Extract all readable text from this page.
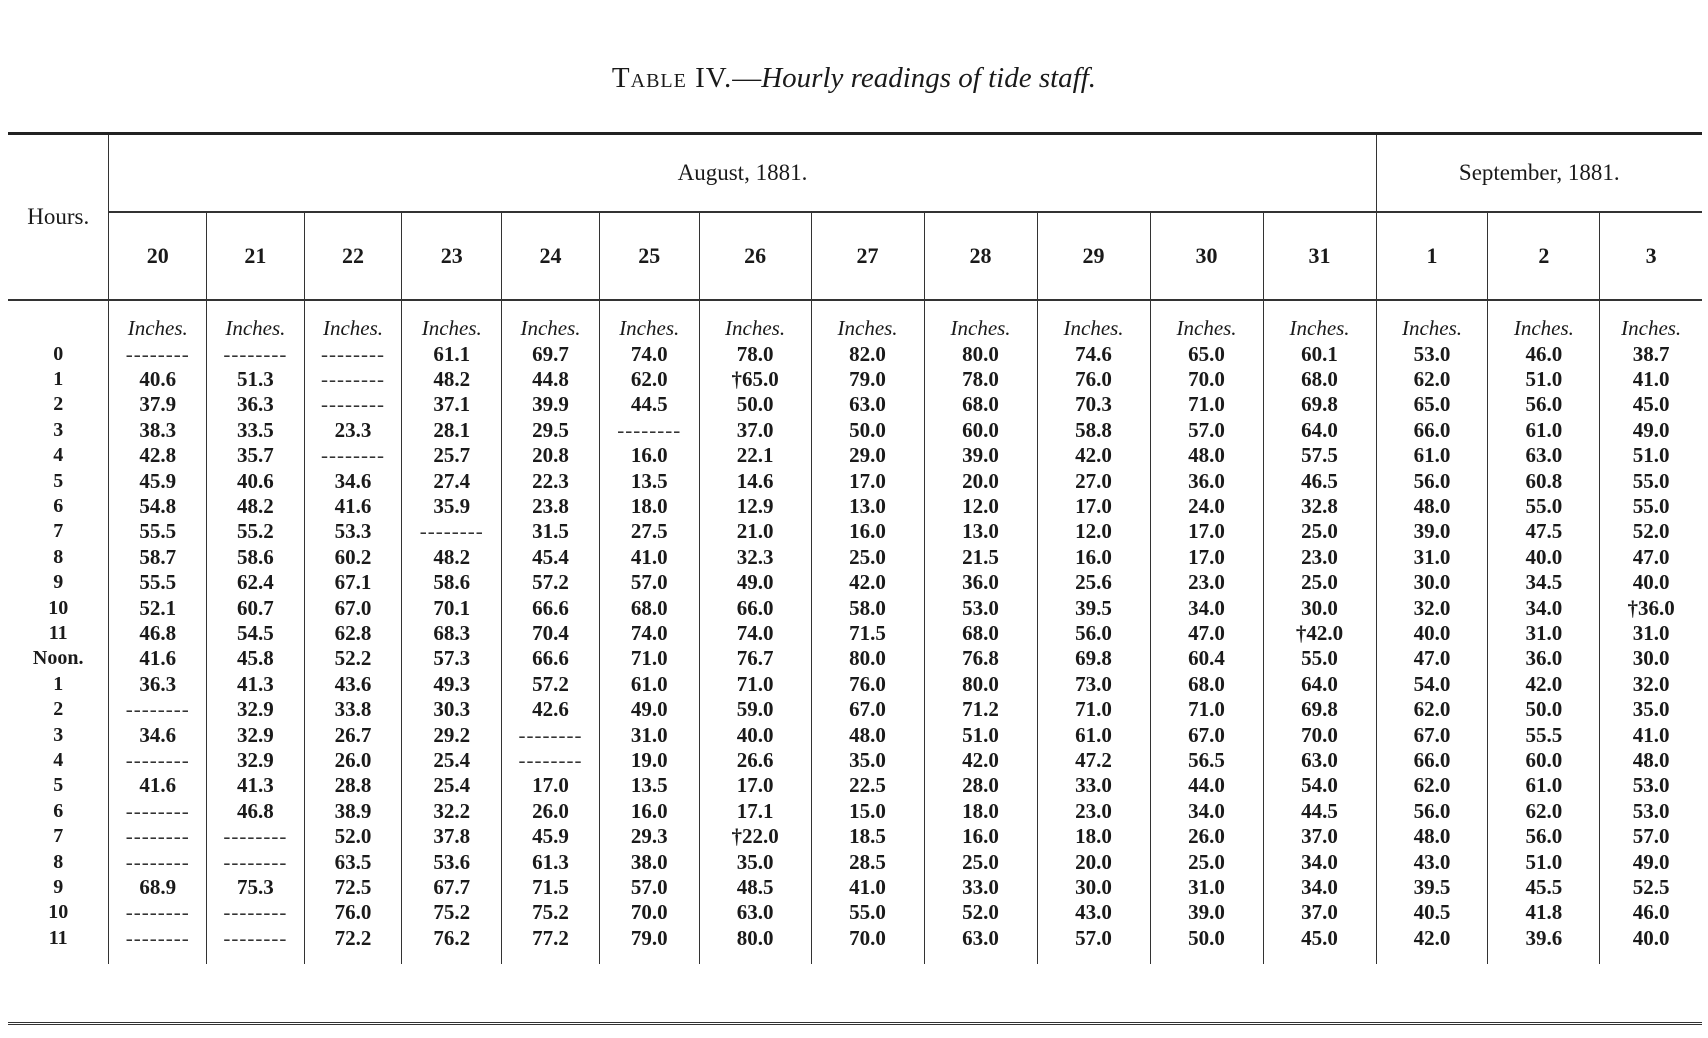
Table IV.—Hourly readings of tide staff.
Hours.	August, 1881.												September, 1881.		
	20	21	22	23	24	25	26	27	28	29	30	31	1	2	3
	Inches.	Inches.	Inches.	Inches.	Inches.	Inches.	Inches.	Inches.	Inches.	Inches.	Inches.	Inches.	Inches.	Inches.	Inches.
0	--------	--------	--------	61.1	69.7	74.0	78.0	82.0	80.0	74.6	65.0	60.1	53.0	46.0	38.7
1	40.6	51.3	--------	48.2	44.8	62.0	†65.0	79.0	78.0	76.0	70.0	68.0	62.0	51.0	41.0
2	37.9	36.3	--------	37.1	39.9	44.5	50.0	63.0	68.0	70.3	71.0	69.8	65.0	56.0	45.0
3	38.3	33.5	23.3	28.1	29.5	--------	37.0	50.0	60.0	58.8	57.0	64.0	66.0	61.0	49.0
4	42.8	35.7	--------	25.7	20.8	16.0	22.1	29.0	39.0	42.0	48.0	57.5	61.0	63.0	51.0
5	45.9	40.6	34.6	27.4	22.3	13.5	14.6	17.0	20.0	27.0	36.0	46.5	56.0	60.8	55.0
6	54.8	48.2	41.6	35.9	23.8	18.0	12.9	13.0	12.0	17.0	24.0	32.8	48.0	55.0	55.0
7	55.5	55.2	53.3	--------	31.5	27.5	21.0	16.0	13.0	12.0	17.0	25.0	39.0	47.5	52.0
8	58.7	58.6	60.2	48.2	45.4	41.0	32.3	25.0	21.5	16.0	17.0	23.0	31.0	40.0	47.0
9	55.5	62.4	67.1	58.6	57.2	57.0	49.0	42.0	36.0	25.6	23.0	25.0	30.0	34.5	40.0
10	52.1	60.7	67.0	70.1	66.6	68.0	66.0	58.0	53.0	39.5	34.0	30.0	32.0	34.0	†36.0
11	46.8	54.5	62.8	68.3	70.4	74.0	74.0	71.5	68.0	56.0	47.0	†42.0	40.0	31.0	31.0
Noon.	41.6	45.8	52.2	57.3	66.6	71.0	76.7	80.0	76.8	69.8	60.4	55.0	47.0	36.0	30.0
1	36.3	41.3	43.6	49.3	57.2	61.0	71.0	76.0	80.0	73.0	68.0	64.0	54.0	42.0	32.0
2	--------	32.9	33.8	30.3	42.6	49.0	59.0	67.0	71.2	71.0	71.0	69.8	62.0	50.0	35.0
3	34.6	32.9	26.7	29.2	--------	31.0	40.0	48.0	51.0	61.0	67.0	70.0	67.0	55.5	41.0
4	--------	32.9	26.0	25.4	--------	19.0	26.6	35.0	42.0	47.2	56.5	63.0	66.0	60.0	48.0
5	41.6	41.3	28.8	25.4	17.0	13.5	17.0	22.5	28.0	33.0	44.0	54.0	62.0	61.0	53.0
6	--------	46.8	38.9	32.2	26.0	16.0	17.1	15.0	18.0	23.0	34.0	44.5	56.0	62.0	53.0
7	--------	--------	52.0	37.8	45.9	29.3	†22.0	18.5	16.0	18.0	26.0	37.0	48.0	56.0	57.0
8	--------	--------	63.5	53.6	61.3	38.0	35.0	28.5	25.0	20.0	25.0	34.0	43.0	51.0	49.0
9	68.9	75.3	72.5	67.7	71.5	57.0	48.5	41.0	33.0	30.0	31.0	34.0	39.5	45.5	52.5
10	--------	--------	76.0	75.2	75.2	70.0	63.0	55.0	52.0	43.0	39.0	37.0	40.5	41.8	46.0
11	--------	--------	72.2	76.2	77.2	79.0	80.0	70.0	63.0	57.0	50.0	45.0	42.0	39.6	40.0
